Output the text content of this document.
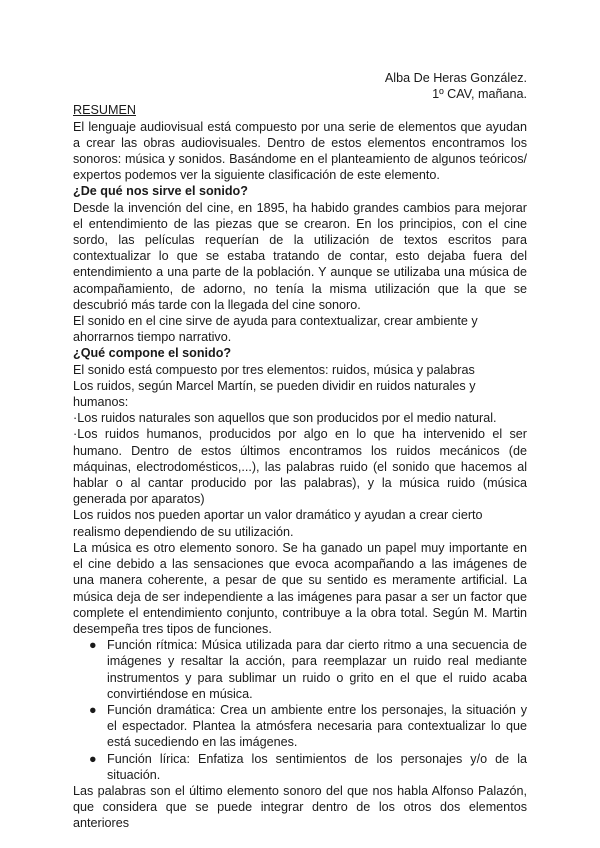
Alba De Heras González.
1º CAV, mañana.
RESUMEN

El lenguaje audiovisual está compuesto por una serie de elementos que ayudan a crear las obras audiovisuales. Dentro de estos elementos encontramos los sonoros: música y sonidos. Basándome en el planteamiento de algunos teóricos/ expertos podemos ver la siguiente clasificación de este elemento.

¿De qué nos sirve el sonido?

Desde la invención del cine, en 1895, ha habido grandes cambios para mejorar el entendimiento de las piezas que se crearon. En los principios, con el cine sordo, las películas requerían de la utilización de textos escritos para contextualizar lo que se estaba tratando de contar, esto dejaba fuera del entendimiento a una parte de la población. Y aunque se utilizaba una música de acompañamiento, de adorno, no tenía la misma utilización que la que se descubrió más tarde con la llegada del cine sonoro.

El sonido en el cine sirve de ayuda para contextualizar, crear ambiente y ahorrarnos tiempo narrativo.

¿Qué compone el sonido?

El sonido está compuesto por tres elementos: ruidos, música y palabras

Los ruidos, según Marcel Martín, se pueden dividir en ruidos naturales y humanos:

·Los ruidos naturales son aquellos que son producidos por el medio natural.

·Los ruidos humanos, producidos por algo en lo que ha intervenido el ser humano. Dentro de estos últimos encontramos los ruidos mecánicos (de máquinas, electrodomésticos,...), las palabras ruido (el sonido que hacemos al hablar o al cantar producido por las palabras), y la música ruido (música generada por aparatos)

Los ruidos nos pueden aportar un valor dramático y ayudan a crear cierto realismo dependiendo de su utilización.

La música es otro elemento sonoro. Se ha ganado un papel muy importante en el cine debido a las sensaciones que evoca acompañando a las imágenes de una manera coherente, a pesar de que su sentido es meramente artificial. La música deja de ser independiente a las imágenes para pasar a ser un factor que complete el entendimiento conjunto, contribuye a la obra total. Según M. Martin desempeña tres tipos de funciones.

● Función rítmica: Música utilizada para dar cierto ritmo a una secuencia de imágenes y resaltar la acción, para reemplazar un ruido real mediante instrumentos y para sublimar un ruido o grito en el que el ruido acaba convirtiéndose en música.
● Función dramática: Crea un ambiente entre los personajes, la situación y el espectador. Plantea la atmósfera necesaria para contextualizar lo que está sucediendo en las imágenes.
● Función lírica: Enfatiza los sentimientos de los personajes y/o de la situación.

Las palabras son el último elemento sonoro del que nos habla Alfonso Palazón, que considera que se puede integrar dentro de los otros dos elementos anteriores
